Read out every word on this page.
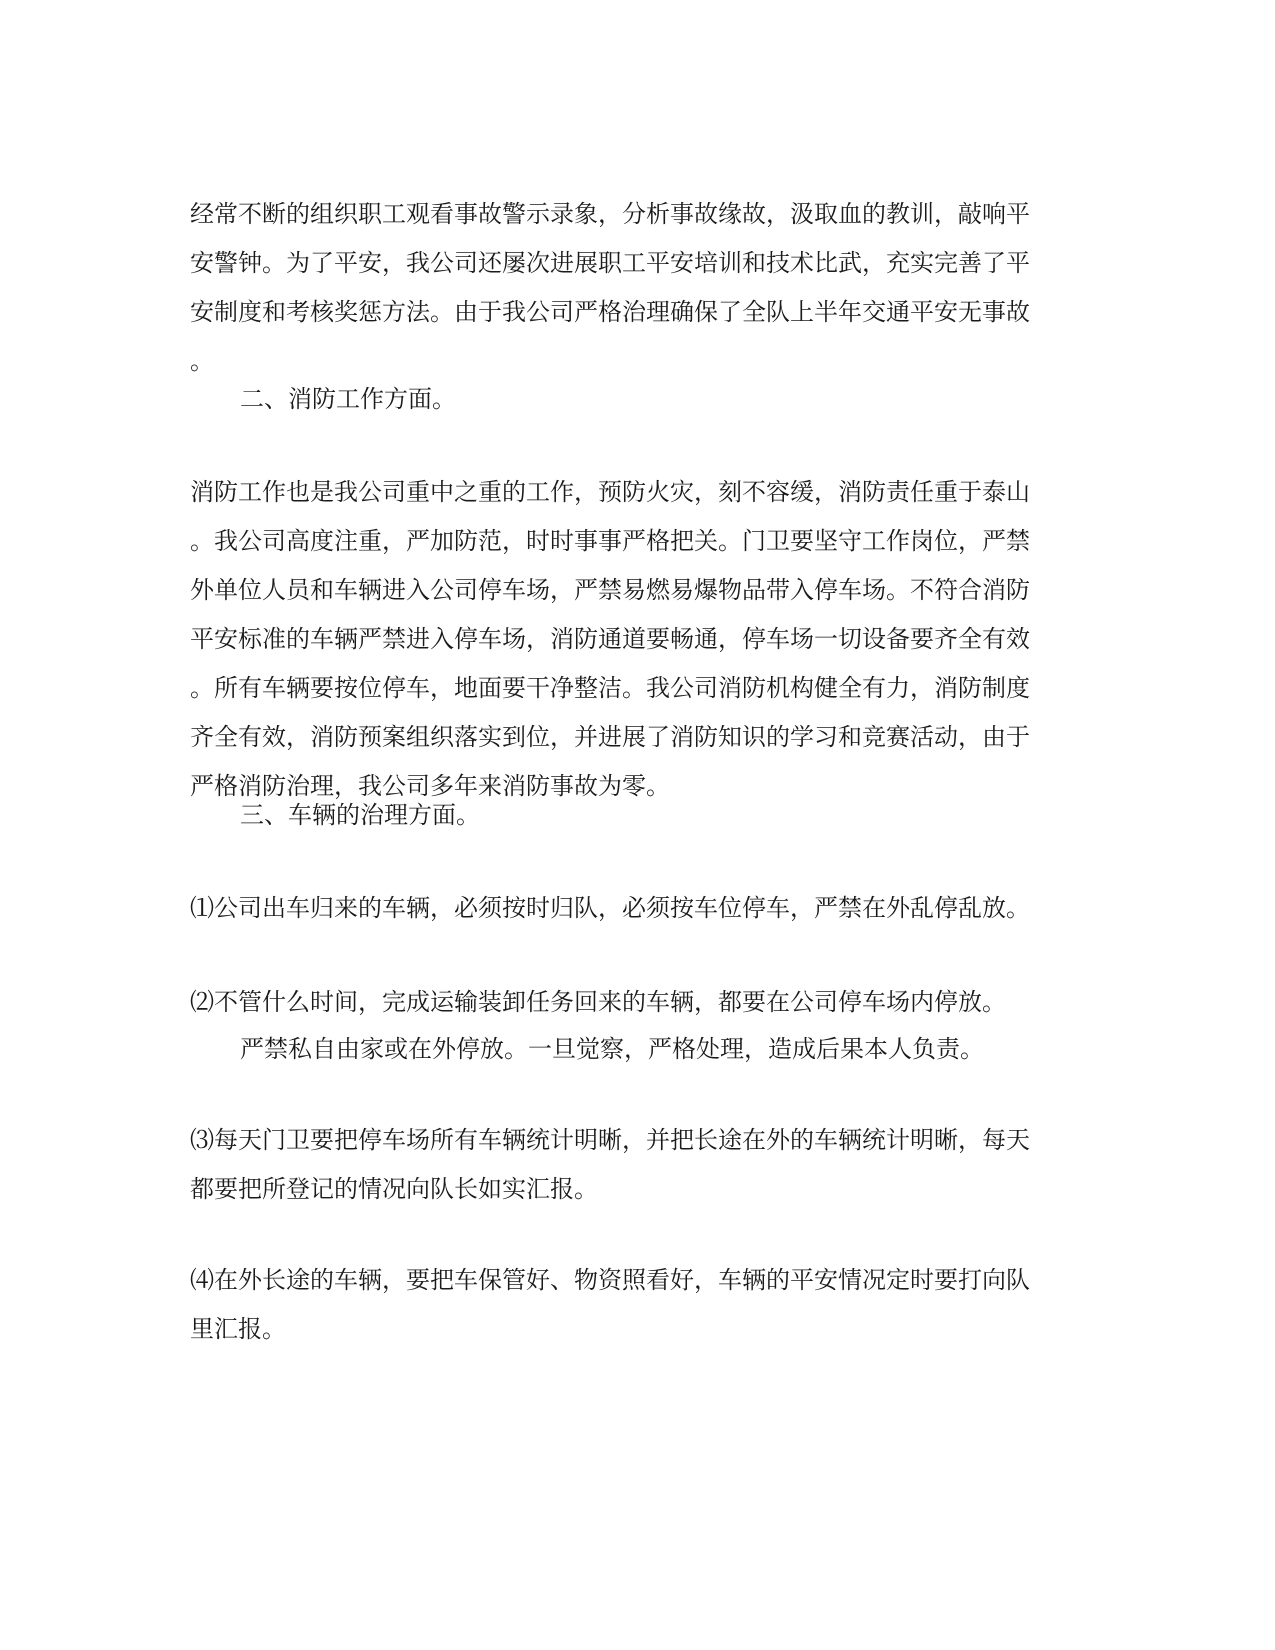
经常不断的组织职工观看事故警示录象，分析事故缘故，汲取血的教训，敲响平
安警钟。为了平安，我公司还屡次进展职工平安培训和技术比武，充实完善了平
安制度和考核奖惩方法。由于我公司严格治理确保了全队上半年交通平安无事故
。
二、消防工作方面。
消防工作也是我公司重中之重的工作，预防火灾，刻不容缓，消防责任重于泰山
。我公司高度注重，严加防范，时时事事严格把关。门卫要坚守工作岗位，严禁
外单位人员和车辆进入公司停车场，严禁易燃易爆物品带入停车场。不符合消防
平安标准的车辆严禁进入停车场，消防通道要畅通，停车场一切设备要齐全有效
。所有车辆要按位停车，地面要干净整洁。我公司消防机构健全有力，消防制度
齐全有效，消防预案组织落实到位，并进展了消防知识的学习和竞赛活动，由于
严格消防治理，我公司多年来消防事故为零。
三、车辆的治理方面。
⑴公司出车归来的车辆，必须按时归队，必须按车位停车，严禁在外乱停乱放。
⑵不管什么时间，完成运输装卸任务回来的车辆，都要在公司停车场内停放。
严禁私自由家或在外停放。一旦觉察，严格处理，造成后果本人负责。
⑶每天门卫要把停车场所有车辆统计明晰，并把长途在外的车辆统计明晰，每天
都要把所登记的情况向队长如实汇报。
⑷在外长途的车辆，要把车保管好、物资照看好，车辆的平安情况定时要打向队
里汇报。
